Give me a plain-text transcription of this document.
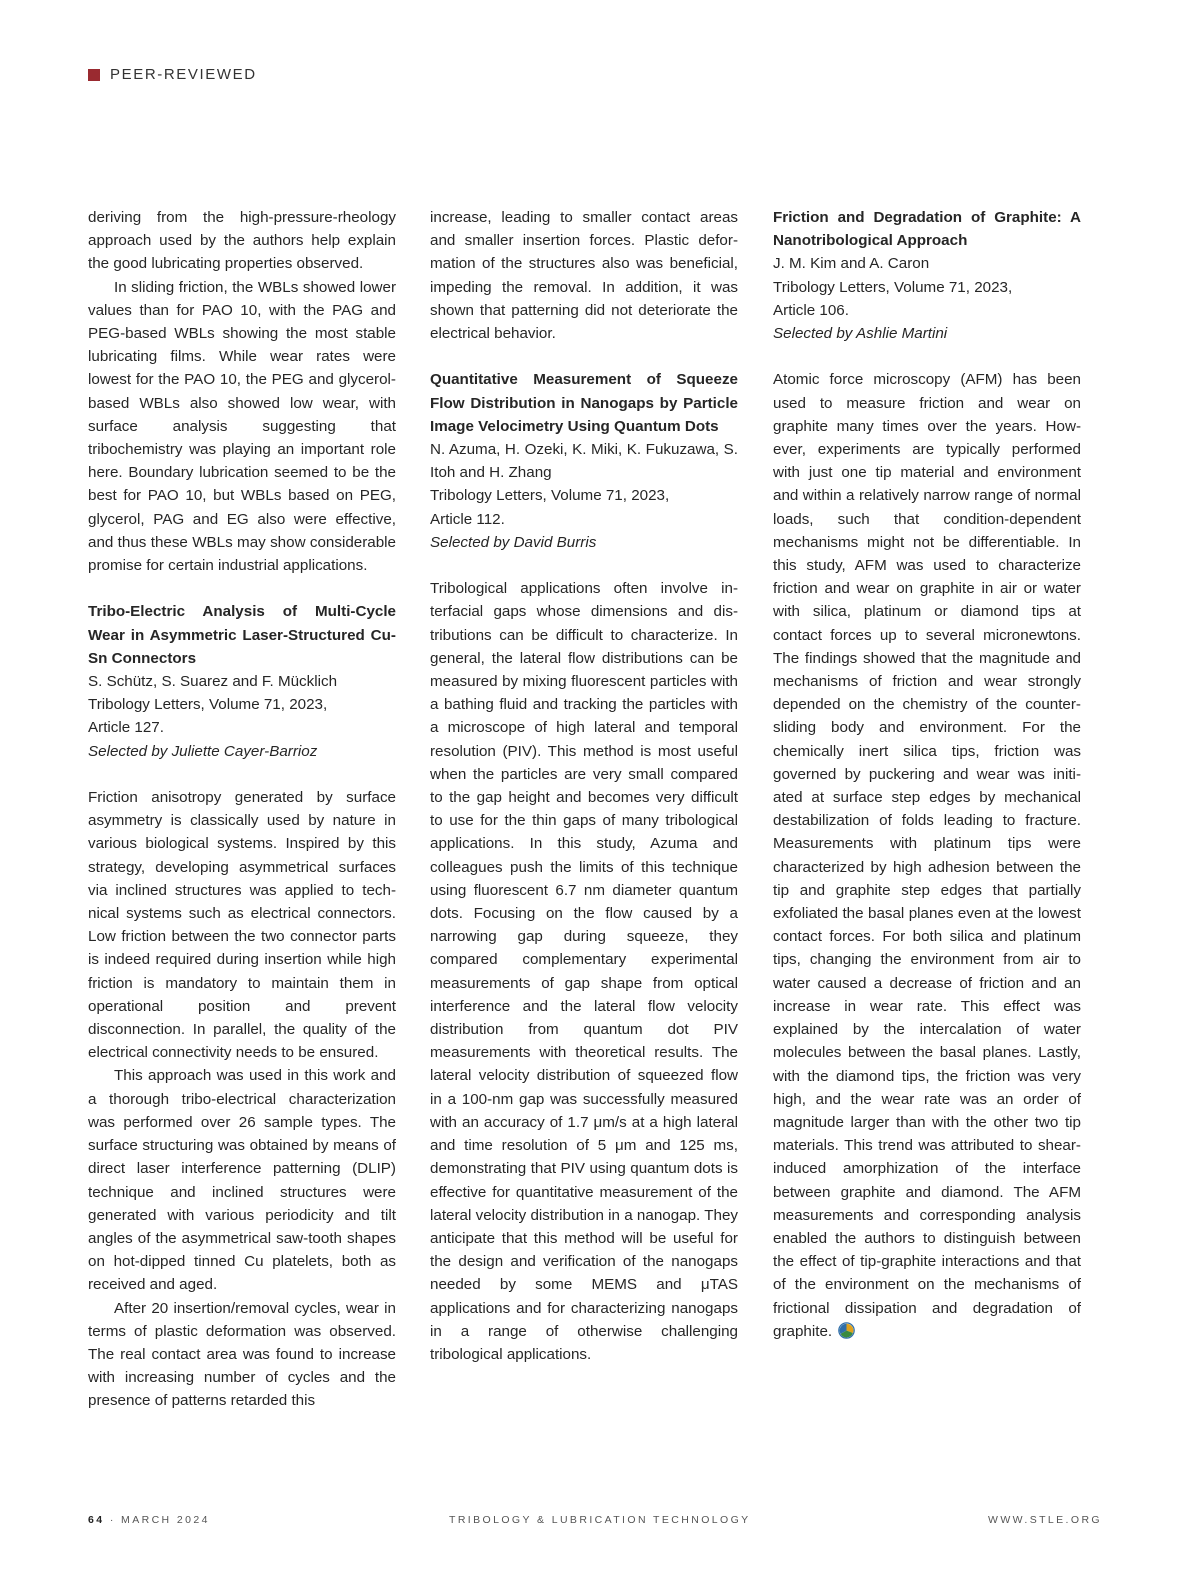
PEER-REVIEWED

deriving from the high-pressure-rheology approach used by the authors help explain the good lubricating properties observed.

In sliding friction, the WBLs showed lower values than for PAO 10, with the PAG and PEG-based WBLs showing the most stable lubricating films. While wear rates were lowest for the PAO 10, the PEG and glycerol-based WBLs also showed low wear, with surface analysis suggesting that tribochemistry was playing an important role here. Boundary lubrication seemed to be the best for PAO 10, but WBLs based on PEG, glycerol, PAG and EG also were effective, and thus these WBLs may show considerable promise for certain industrial applications.

Tribo-Electric Analysis of Multi-Cycle Wear in Asymmetric Laser-Structured Cu-Sn Connectors

S. Schütz, S. Suarez and F. Mücklich

Tribology Letters, Volume 71, 2023,

Article 127.

Selected by Juliette Cayer-Barrioz

Friction anisotropy generated by surface asymmetry is classically used by nature in various biological systems. Inspired by this strategy, developing asymmetrical surfaces via inclined structures was applied to technical systems such as electrical connectors. Low friction between the two connector parts is indeed required during insertion while high friction is mandatory to maintain them in operational position and prevent disconnection. In parallel, the quality of the electrical connectivity needs to be ensured.

This approach was used in this work and a thorough tribo-electrical characterization was performed over 26 sample types. The surface structuring was obtained by means of direct laser interference patterning (DLIP) technique and inclined structures were generated with various periodicity and tilt angles of the asymmetrical saw-tooth shapes on hot-dipped tinned Cu platelets, both as received and aged.

After 20 insertion/removal cycles, wear in terms of plastic deformation was observed. The real contact area was found to increase with increasing number of cycles and the presence of patterns retarded this

increase, leading to smaller contact areas and smaller insertion forces. Plastic deformation of the structures also was beneficial, impeding the removal. In addition, it was shown that patterning did not deteriorate the electrical behavior.

Quantitative Measurement of Squeeze Flow Distribution in Nanogaps by Particle Image Velocimetry Using Quantum Dots

N. Azuma, H. Ozeki, K. Miki, K. Fukuzawa, S. Itoh and H. Zhang

Tribology Letters, Volume 71, 2023,

Article 112.

Selected by David Burris

Tribological applications often involve interfacial gaps whose dimensions and distributions can be difficult to characterize. In general, the lateral flow distributions can be measured by mixing fluorescent particles with a bathing fluid and tracking the particles with a microscope of high lateral and temporal resolution (PIV). This method is most useful when the particles are very small compared to the gap height and becomes very difficult to use for the thin gaps of many tribological applications. In this study, Azuma and colleagues push the limits of this technique using fluorescent 6.7 nm diameter quantum dots. Focusing on the flow caused by a narrowing gap during squeeze, they compared complementary experimental measurements of gap shape from optical interference and the lateral flow velocity distribution from quantum dot PIV measurements with theoretical results. The lateral velocity distribution of squeezed flow in a 100-nm gap was successfully measured with an accuracy of 1.7 μm/s at a high lateral and time resolution of 5 μm and 125 ms, demonstrating that PIV using quantum dots is effective for quantitative measurement of the lateral velocity distribution in a nanogap. They anticipate that this method will be useful for the design and verification of the nanogaps needed by some MEMS and μTAS applications and for characterizing nanogaps in a range of otherwise challenging tribological applications.

Friction and Degradation of Graphite: A Nanotribological Approach

J. M. Kim and A. Caron

Tribology Letters, Volume 71, 2023,

Article 106.

Selected by Ashlie Martini

Atomic force microscopy (AFM) has been used to measure friction and wear on graphite many times over the years. However, experiments are typically performed with just one tip material and environment and within a relatively narrow range of normal loads, such that condition-dependent mechanisms might not be differentiable. In this study, AFM was used to characterize friction and wear on graphite in air or water with silica, platinum or diamond tips at contact forces up to several micronewtons. The findings showed that the magnitude and mechanisms of friction and wear strongly depended on the chemistry of the counter-sliding body and environment. For the chemically inert silica tips, friction was governed by puckering and wear was initiated at surface step edges by mechanical destabilization of folds leading to fracture. Measurements with platinum tips were characterized by high adhesion between the tip and graphite step edges that partially exfoliated the basal planes even at the lowest contact forces. For both silica and platinum tips, changing the environment from air to water caused a decrease of friction and an increase in wear rate. This effect was explained by the intercalation of water molecules between the basal planes. Lastly, with the diamond tips, the friction was very high, and the wear rate was an order of magnitude larger than with the other two tip materials. This trend was attributed to shear-induced amorphization of the interface between graphite and diamond. The AFM measurements and corresponding analysis enabled the authors to distinguish between the effect of tip-graphite interactions and that of the environment on the mechanisms of frictional dissipation and degradation of graphite.

64 · MARCH 2024	TRIBOLOGY & LUBRICATION TECHNOLOGY	WWW.STLE.ORG
